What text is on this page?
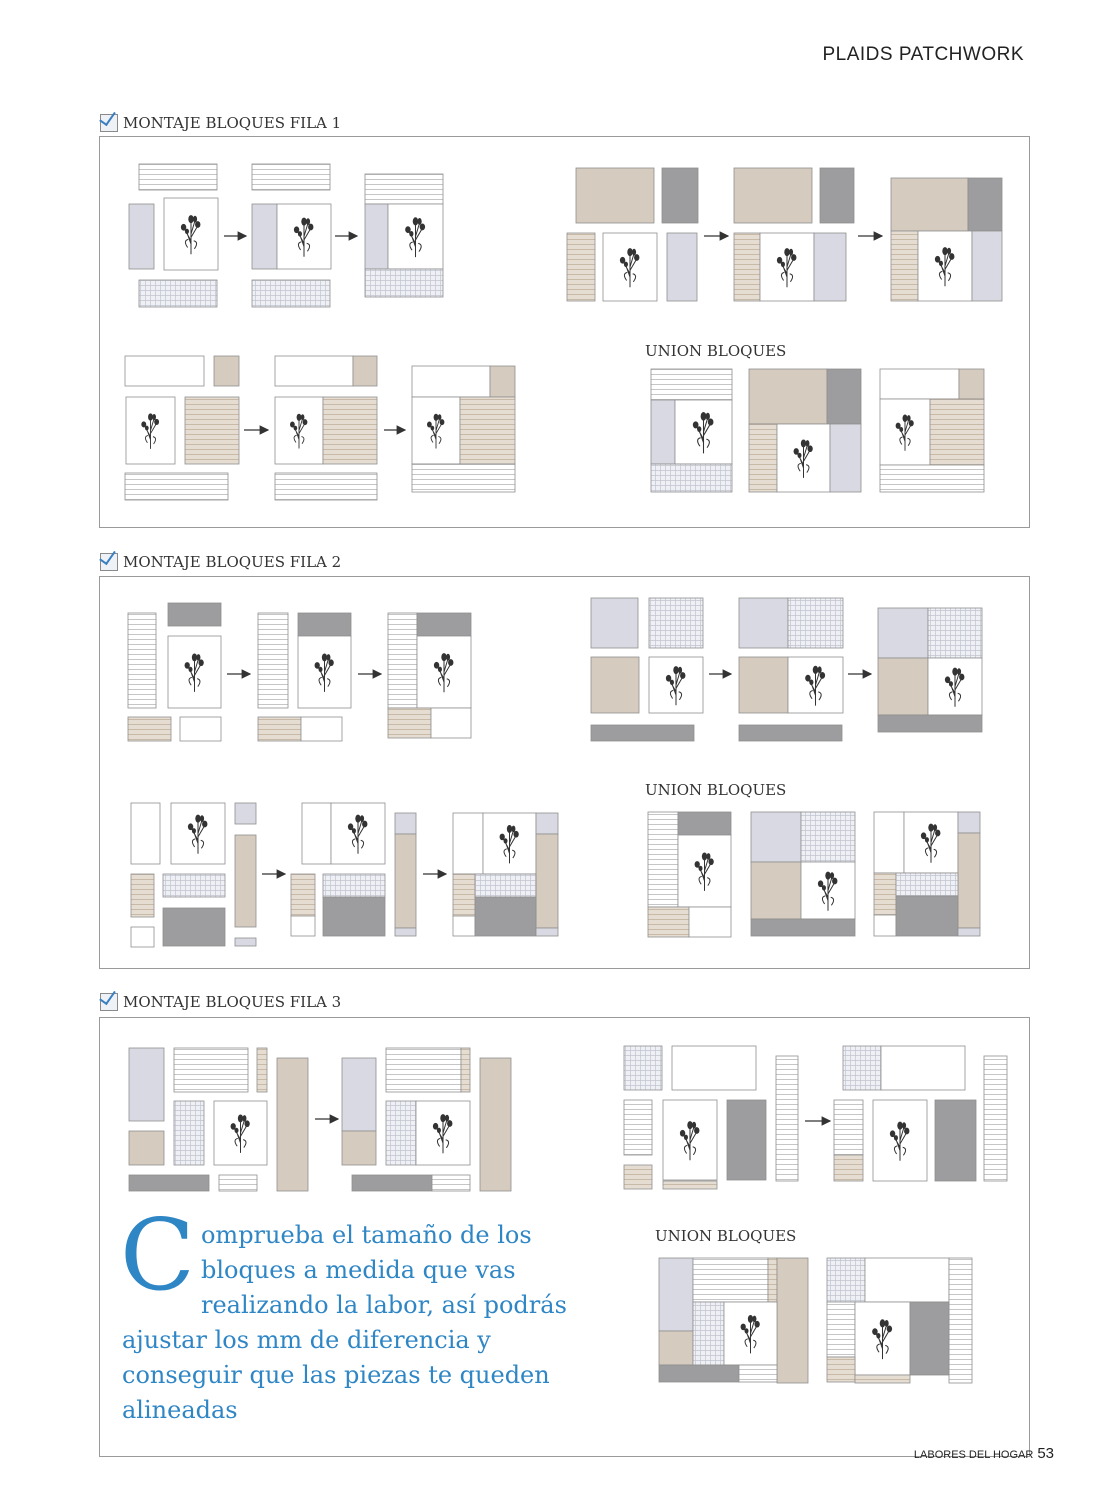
PLAIDS PATCHWORK
MONTAJE BLOQUES FILA 1
MONTAJE BLOQUES FILA 2
MONTAJE BLOQUES FILA 3
UNION BLOQUES
UNION BLOQUES
UNION BLOQUES
Comprueba el tamaño de los bloques a medida que vas realizando la labor, así podrás ajustar los mm de diferencia y conseguir que las piezas te queden alineadas
LABORES DEL HOGAR 53
